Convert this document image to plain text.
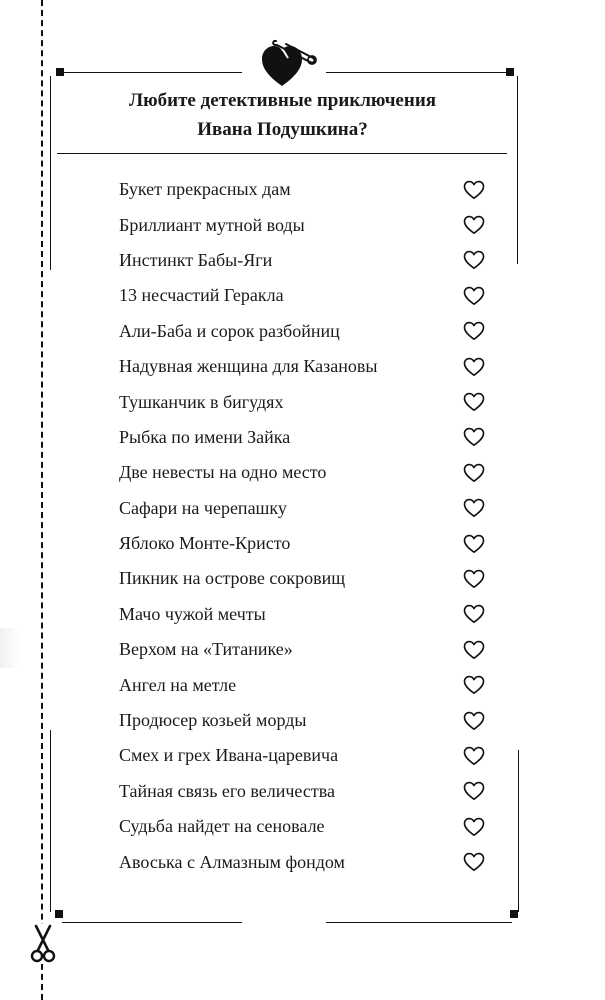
Любите детективные приключения
Ивана Подушкина?
Букет прекрасных дам
Бриллиант мутной воды
Инстинкт Бабы-Яги
13 несчастий Геракла
Али-Баба и сорок разбойниц
Надувная женщина для Казановы
Тушканчик в бигудях
Рыбка по имени Зайка
Две невесты на одно место
Сафари на черепашку
Яблоко Монте-Кристо
Пикник на острове сокровищ
Мачо чужой мечты
Верхом на «Титанике»
Ангел на метле
Продюсер козьей морды
Смех и грех Ивана-царевича
Тайная связь его величества
Судьба найдет на сеновале
Авоська с Алмазным фондом
